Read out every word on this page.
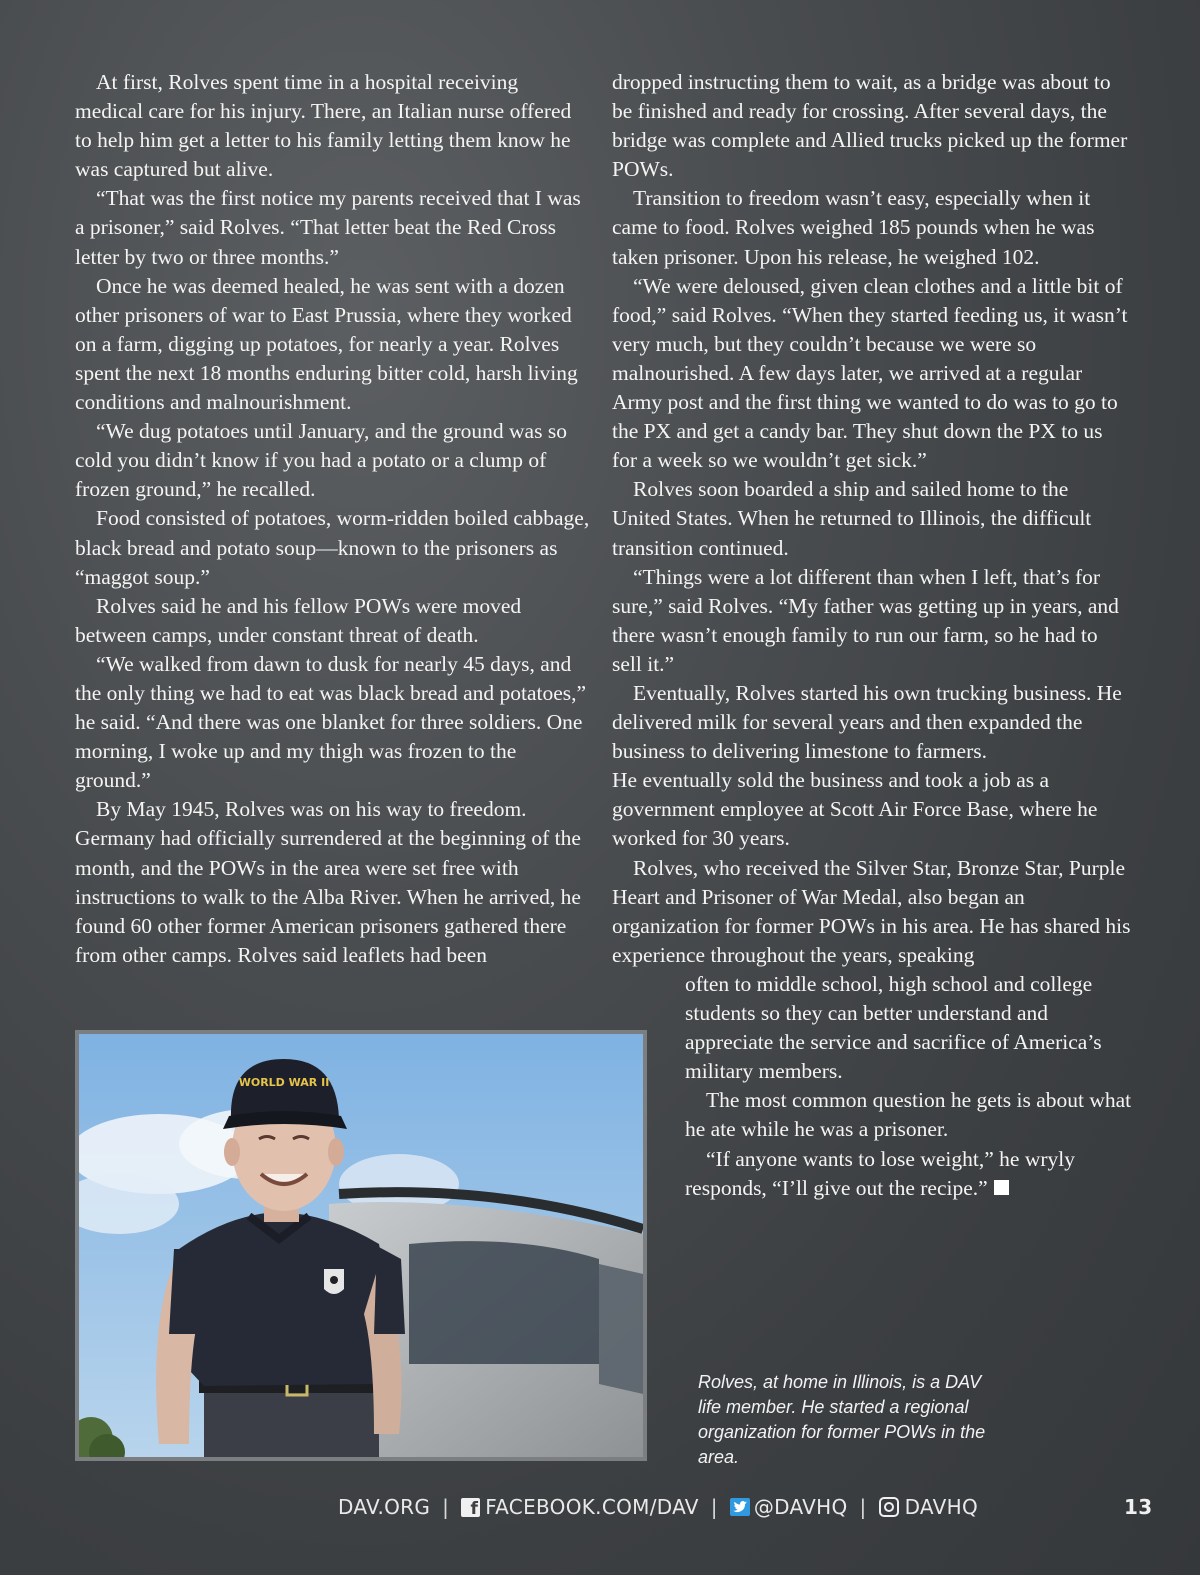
At first, Rolves spent time in a hospital receiving medical care for his injury. There, an Italian nurse offered to help him get a letter to his family letting them know he was captured but alive.

“That was the first notice my parents received that I was a prisoner,” said Rolves. “That letter beat the Red Cross letter by two or three months.”

Once he was deemed healed, he was sent with a dozen other prisoners of war to East Prussia, where they worked on a farm, digging up potatoes, for nearly a year. Rolves spent the next 18 months enduring bitter cold, harsh living conditions and malnourishment.

“We dug potatoes until January, and the ground was so cold you didn’t know if you had a potato or a clump of frozen ground,” he recalled.

Food consisted of potatoes, worm-ridden boiled cabbage, black bread and potato soup—known to the prisoners as “maggot soup.”

Rolves said he and his fellow POWs were moved between camps, under constant threat of death.

“We walked from dawn to dusk for nearly 45 days, and the only thing we had to eat was black bread and potatoes,” he said. “And there was one blanket for three soldiers. One morning, I woke up and my thigh was frozen to the ground.”

By May 1945, Rolves was on his way to freedom. Germany had officially surrendered at the beginning of the month, and the POWs in the area were set free with instructions to walk to the Alba River. When he arrived, he found 60 other former American prisoners gathered there from other camps. Rolves said leaflets had been

dropped instructing them to wait, as a bridge was about to be finished and ready for crossing. After several days, the bridge was complete and Allied trucks picked up the former POWs.

Transition to freedom wasn’t easy, especially when it came to food. Rolves weighed 185 pounds when he was taken prisoner. Upon his release, he weighed 102.

“We were deloused, given clean clothes and a little bit of food,” said Rolves. “When they started feeding us, it wasn’t very much, but they couldn’t because we were so malnourished. A few days later, we arrived at a regular Army post and the first thing we wanted to do was to go to the PX and get a candy bar. They shut down the PX to us for a week so we wouldn’t get sick.”

Rolves soon boarded a ship and sailed home to the United States. When he returned to Illinois, the difficult transition continued.

“Things were a lot different than when I left, that’s for sure,” said Rolves. “My father was getting up in years, and there wasn’t enough family to run our farm, so he had to sell it.”

Eventually, Rolves started his own trucking business. He delivered milk for several years and then expanded the business to delivering limestone to farmers.

He eventually sold the business and took a job as a government employee at Scott Air Force Base, where he worked for 30 years.

Rolves, who received the Silver Star, Bronze Star, Purple Heart and Prisoner of War Medal, also began an organization for former POWs in his area. He has shared his experience throughout the years, speaking

often to middle school, high school and college students so they can better understand and appreciate the service and sacrifice of America’s military members.

The most common question he gets is about what he ate while he was a prisoner.

“If anyone wants to lose weight,” he wryly responds, “I’ll give out the recipe.”

WORLD WAR II
Rolves, at home in Illinois, is a DAV life member. He started a regional organization for former POWs in the area.
DAV.ORG | f FACEBOOK.COM/DAV | @DAVHQ | DAVHQ	13
